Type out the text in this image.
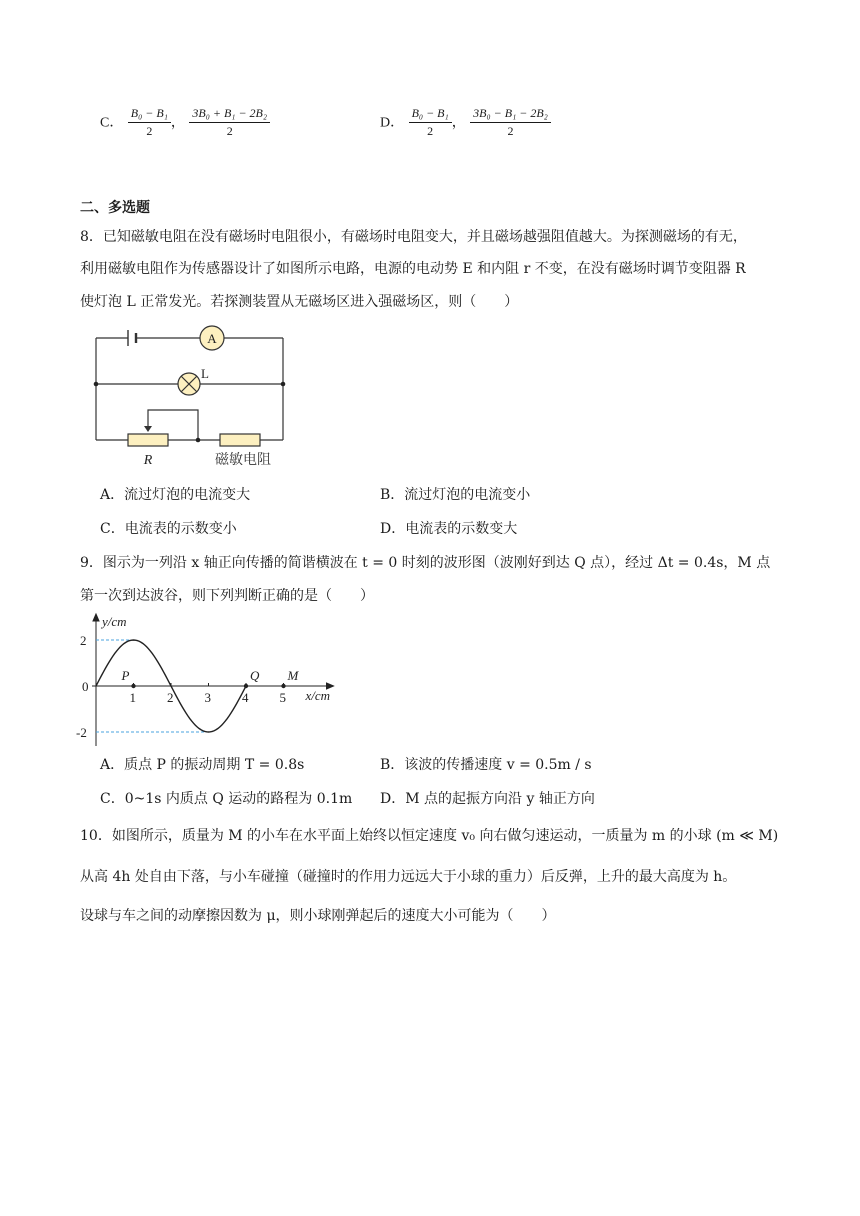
C． $\frac{\text{B₀ − B₁}}{2}$ ， $\frac{\text{3B₀ + B₁ − 2B₂}}{2}$	D． $\frac{\text{B₀ − B₁}}{2}$ ， $\frac{\text{3B₀ − B₁ − 2B₂}}{2}$
二、多选题
8．已知磁敏电阻在没有磁场时电阻很小，有磁场时电阻变大，并且磁场越强阻值越大。为探测磁场的有无，
利用磁敏电阻作为传感器设计了如图所示电路，电源的电动势 E 和内阻 r 不变，在没有磁场时调节变阻器 R
使灯泡 L 正常发光。若探测装置从无磁场区进入强磁场区，则（　　）
A
L
R	磁敏电阻
A．流过灯泡的电流变大	B．流过灯泡的电流变小
C．电流表的示数变小	D．电流表的示数变大
9．图示为一列沿 x 轴正向传播的简谐横波在 t = 0 时刻的波形图（波刚好到达 Q 点），经过 Δt = 0.4s，M 点
第一次到达波谷，则下列判断正确的是（　　）
y/cm
x/cm
0
2
-2
1 2 3 4 5
P	Q M
A．质点 P 的振动周期 T = 0.8s	B．该波的传播速度 v = 0.5m / s
C．0~1s 内质点 Q 运动的路程为 0.1m D．M 点的起振方向沿 y 轴正方向
10．如图所示，质量为 M 的小车在水平面上始终以恒定速度 v₀ 向右做匀速运动，一质量为 m 的小球 (m ≪ M)
从高 4h 处自由下落，与小车碰撞（碰撞时的作用力远远大于小球的重力）后反弹，上升的最大高度为 h。
设球与车之间的动摩擦因数为 μ，则小球刚弹起后的速度大小可能为（　　）
